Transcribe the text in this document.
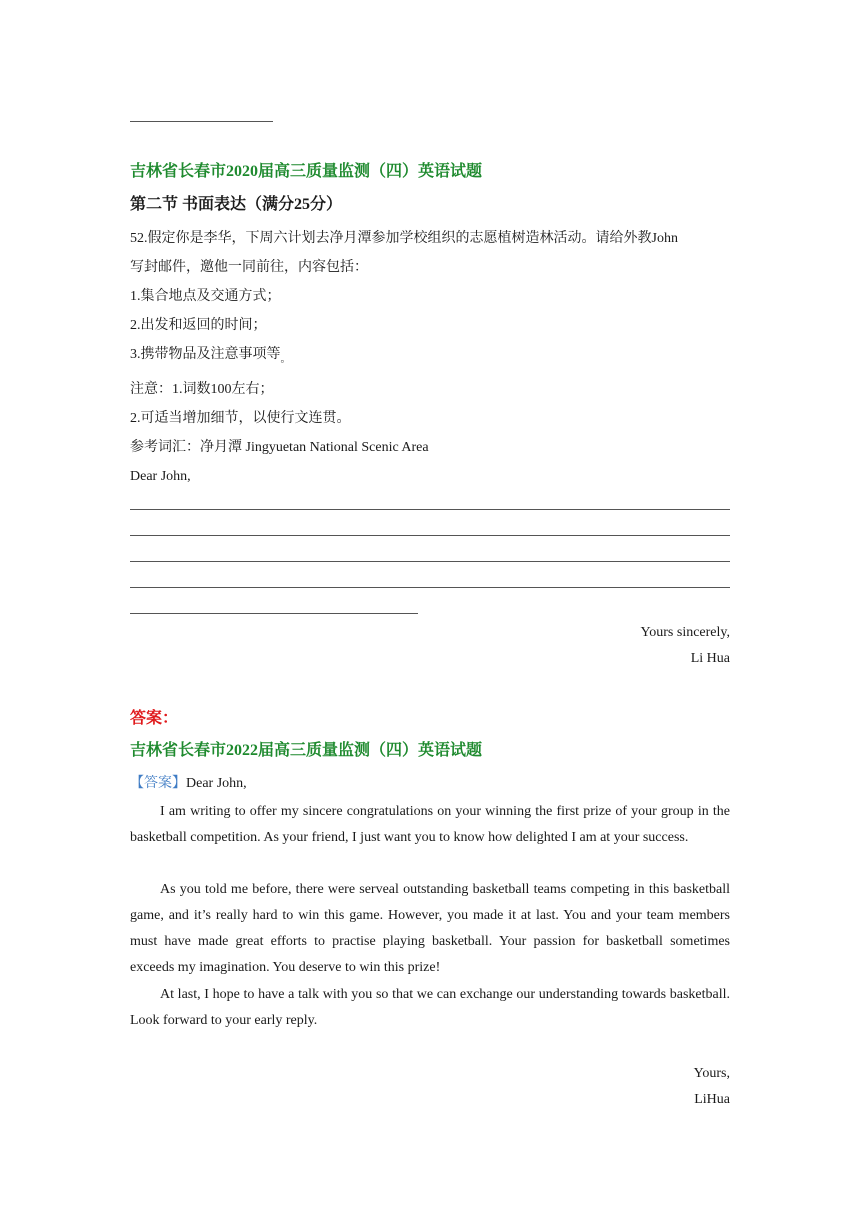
吉林省长春市2020届高三质量监测（四）英语试题
第二节 书面表达（满分25分）
52.假定你是李华，下周六计划去净月潭参加学校组织的志愿植树造林活动。请给外教John
写封邮件，邀他一同前往，内容包括：
1.集合地点及交通方式；
2.出发和返回的时间；
3.携带物品及注意事项等$_。$
注意：1.词数100左右；
2.可适当增加细节，以使行文连贯。
参考词汇：净月潭 Jingyuetan National Scenic Area
Dear John,
Yours sincerely,
Li Hua
答案：
吉林省长春市2022届高三质量监测（四）英语试题
【答案】Dear John,
I am writing to offer my sincere congratulations on your winning the first prize of your group in the basketball competition. As your friend, I just want you to know how delighted I am at your success.
As you told me before, there were serveal outstanding basketball teams competing in this basketball game, and it’s really hard to win this game. However, you made it at last. You and your team members must have made great efforts to practise playing basketball. Your passion for basketball sometimes exceeds my imagination. You deserve to win this prize!
At last, I hope to have a talk with you so that we can exchange our understanding towards basketball. Look forward to your early reply.
Yours,
LiHua
